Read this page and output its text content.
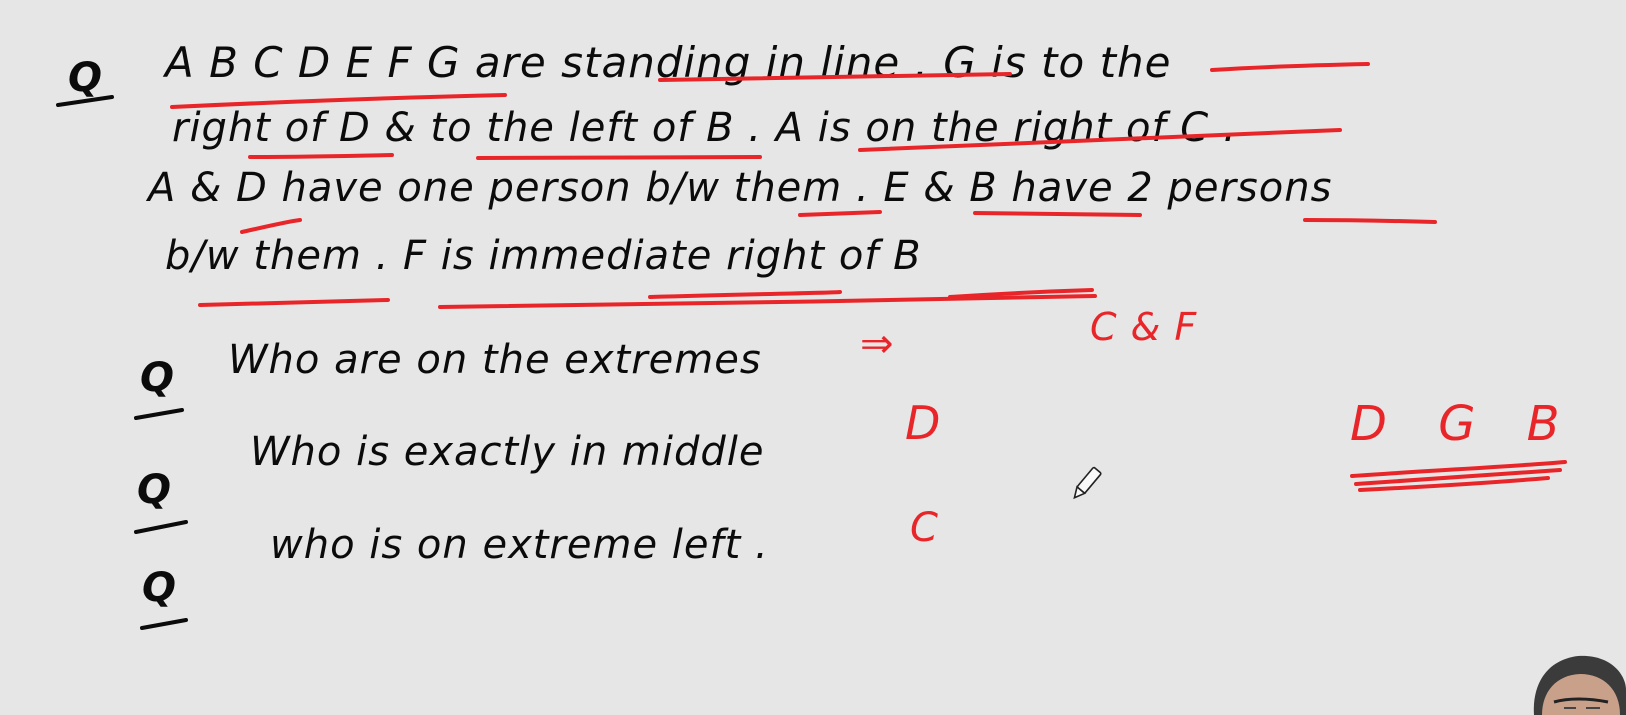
Q A B C D E F G are standing in line . G is to the
right of D & to the left of B . A is on the right of C .
A & D have one person b/w them . E & B have 2 persons
b/w them . F is immediate right of B
Q Who are on the extremes ⇒	C & F
Q
Who is exactly in middle
D
Q
who is on extreme left .	C
D G B
